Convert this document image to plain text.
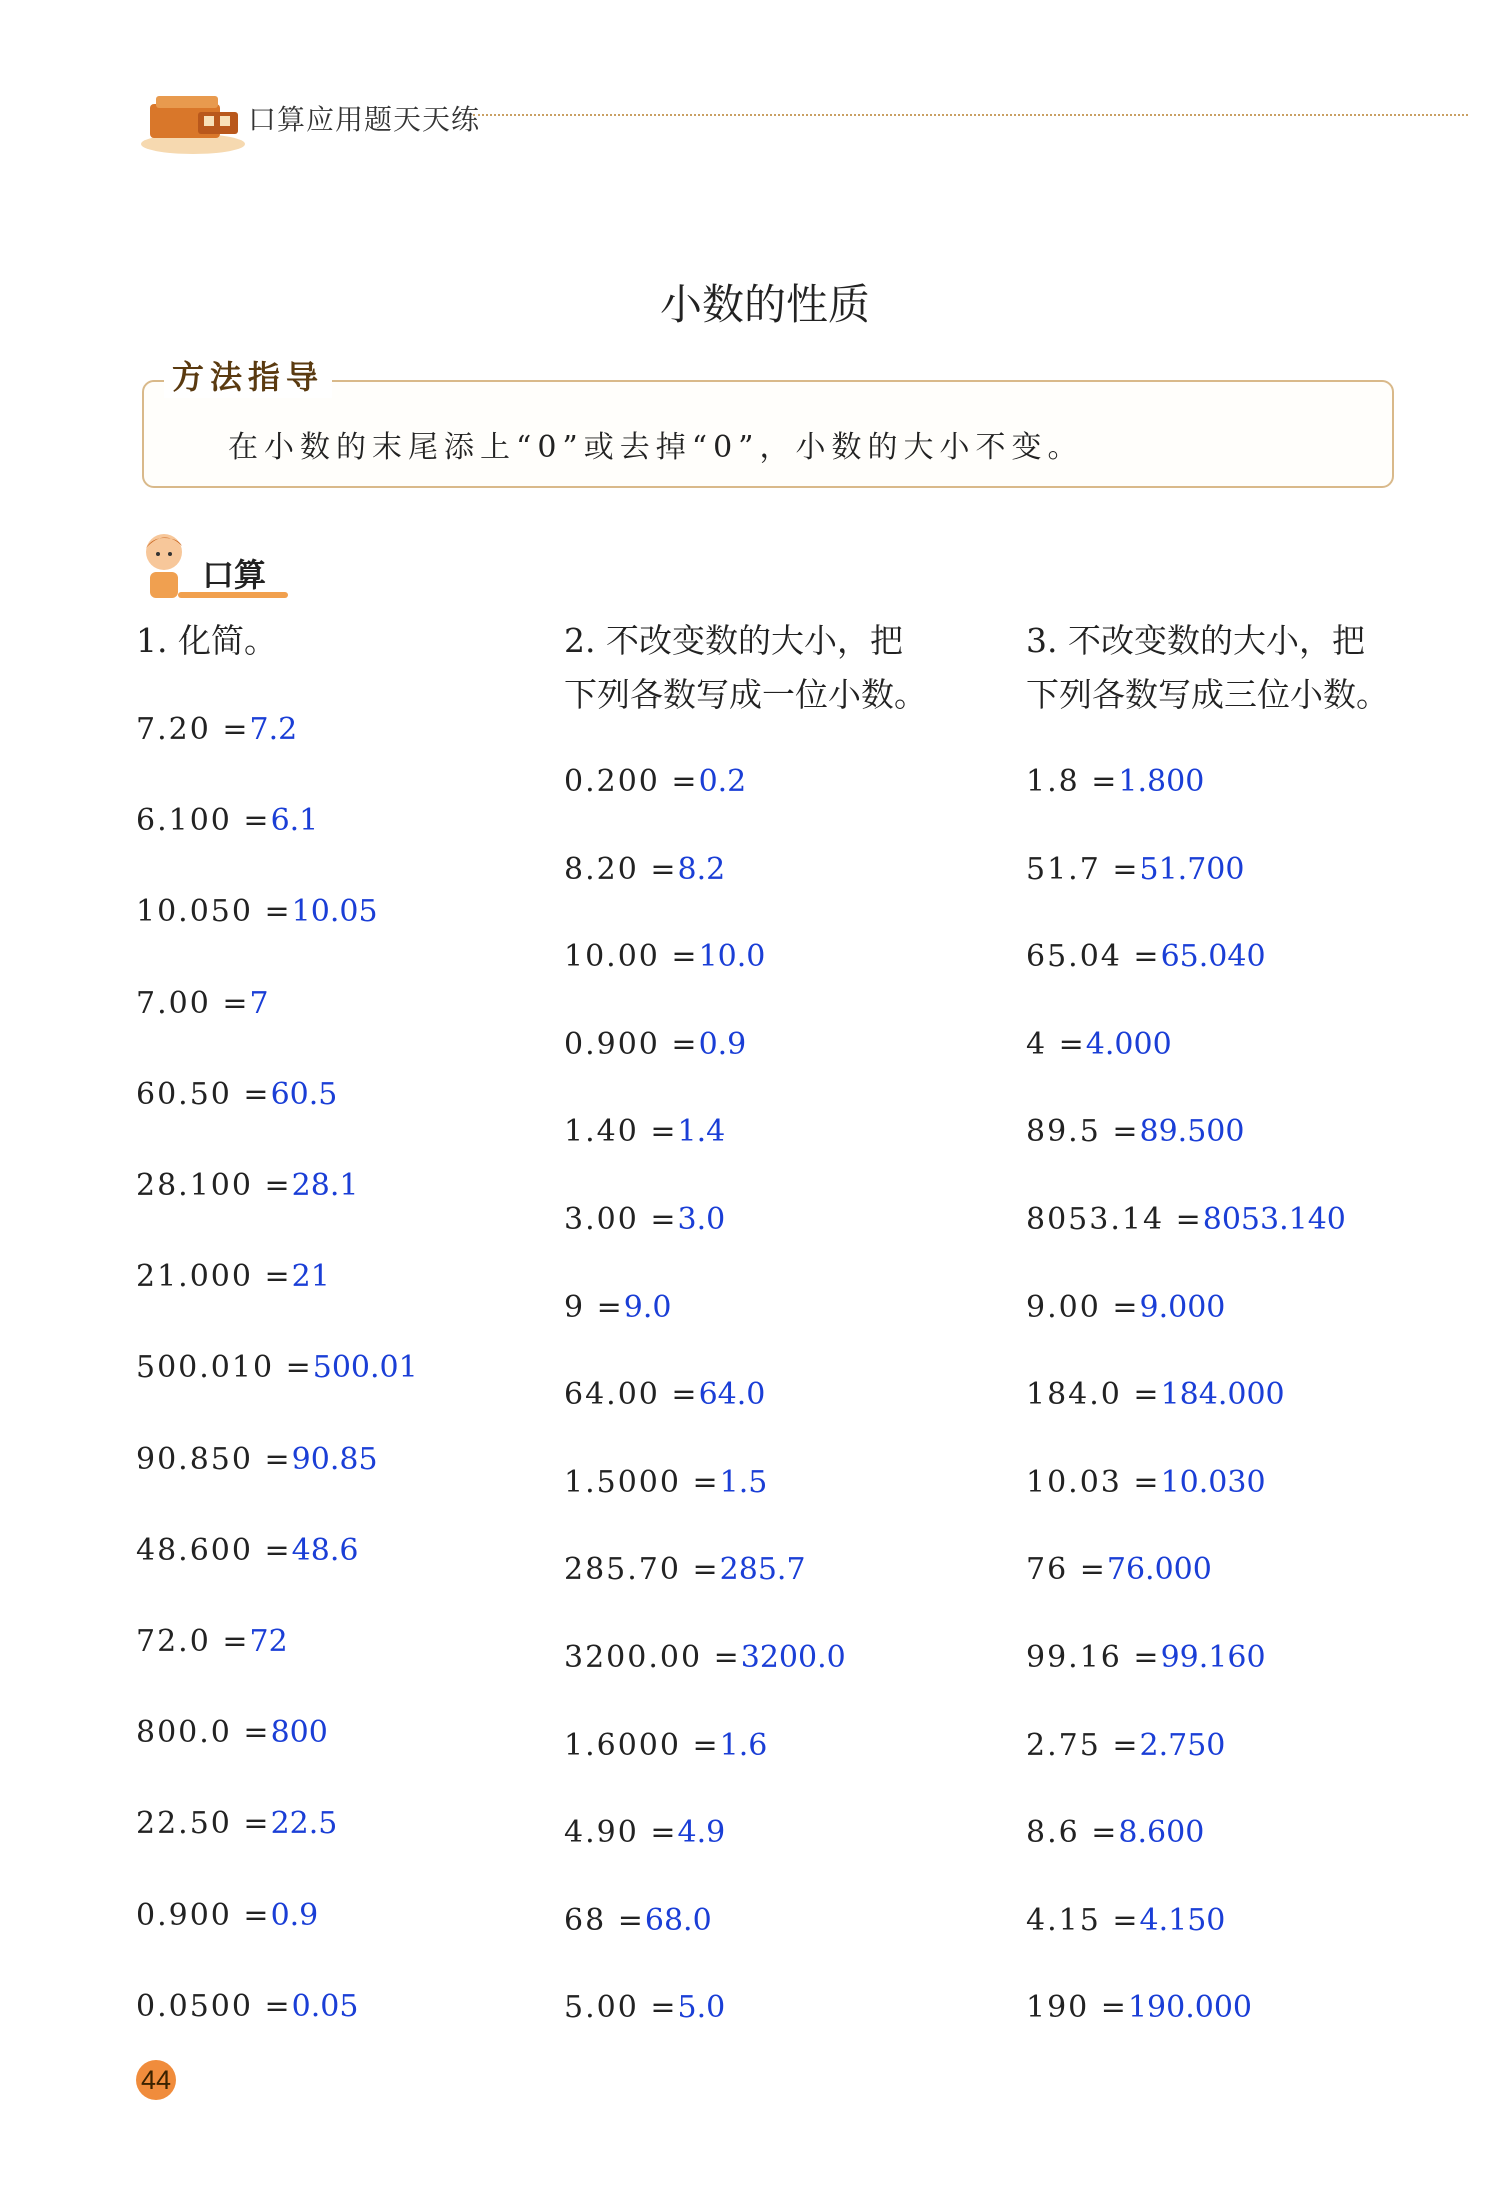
口算应用题天天练
小数的性质
方法指导
在小数的末尾添上“0”或去掉“0”，小数的大小不变。
口算
1. 化简。	2. 不改变数的大小，把
下列各数写成一位小数。
3. 不改变数的大小，把
下列各数写成三位小数。
7.20 =7.2
6.100 =6.1
10.050 =10.05
7.00 =7
60.50 =60.5
28.100 =28.1
21.000 =21
500.010 =500.01
90.850 =90.85
48.600 =48.6
72.0 =72
800.0 =800
22.50 =22.5
0.900 =0.9
0.0500 =0.05
0.200 =0.2
8.20 =8.2
10.00 =10.0
0.900 =0.9
1.40 =1.4
3.00 =3.0
9 =9.0
64.00 =64.0
1.5000 =1.5
285.70 =285.7
3200.00 =3200.0
1.6000 =1.6
4.90 =4.9
68 =68.0
5.00 =5.0
1.8 =1.800
51.7 =51.700
65.04 =65.040
4 =4.000
89.5 =89.500
8053.14 =8053.140
9.00 =9.000
184.0 =184.000
10.03 =10.030
76 =76.000
99.16 =99.160
2.75 =2.750
8.6 =8.600
4.15 =4.150
190 =190.000
44
